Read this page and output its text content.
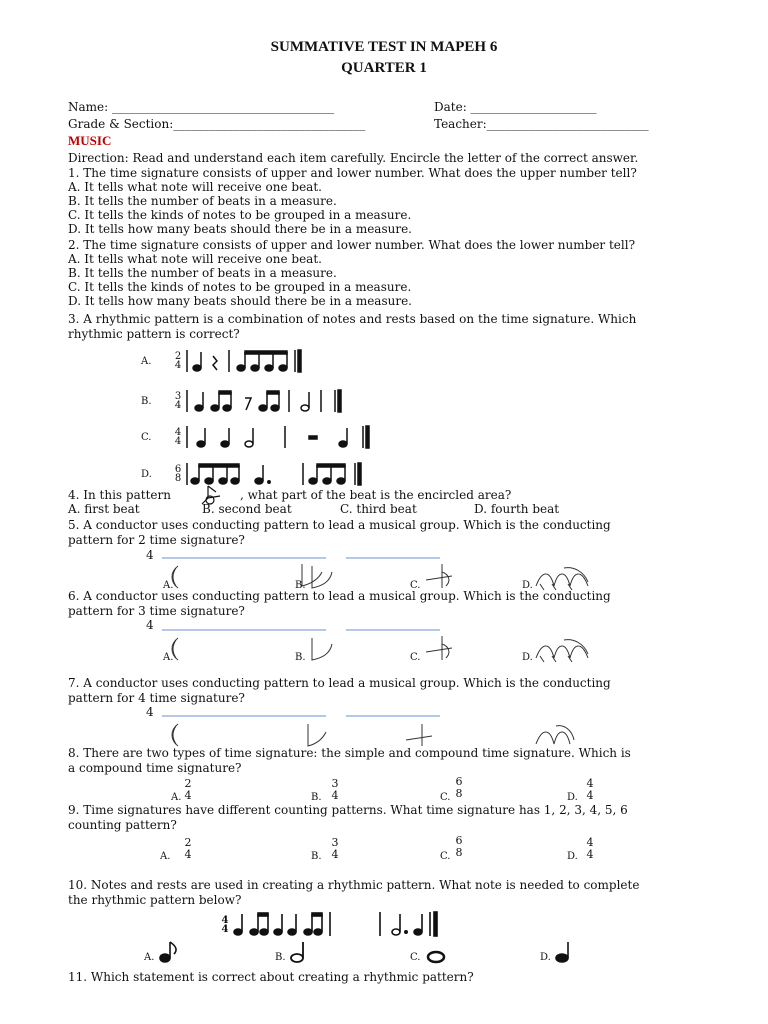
SUMMATIVE TEST IN MAPEH 6
QUARTER 1
Name: _____________________________________	Date: _____________________
Grade & Section:________________________________	Teacher:___________________________
MUSIC
Direction: Read and understand each item carefully. Encircle the letter of the correct answer.
1. The time signature consists of upper and lower number. What does the upper number tell?
A. It tells what note will receive one beat.
B. It tells the number of beats in a measure.
C. It tells the kinds of notes to be grouped in a measure.
D. It tells how many beats should there be in a measure.
2. The time signature consists of upper and lower number. What does the lower number tell?
A. It tells what note will receive one beat.
B. It tells the number of beats in a measure.
C. It tells the kinds of notes to be grouped in a measure.
D. It tells how many beats should there be in a measure.
3. A rhythmic pattern is a combination of notes and rests based on the time signature. Which
rhythmic pattern is correct?
A. 2
4
B. 3
4
C. 4
4
D. 6
8
4. In this pattern	, what part of the beat is the encircled area?
A. first beat	B. second beat	C. third beat	D. fourth beat
5. A conductor uses conducting pattern to lead a musical group. Which is the conducting
pattern for 2 time signature?
4
A.	B.	C.	D.
6. A conductor uses conducting pattern to lead a musical group. Which is the conducting
pattern for 3 time signature?
4
A.	B.	C.	D.
7. A conductor uses conducting pattern to lead a musical group. Which is the conducting
pattern for 4 time signature?
4
8. There are two types of time signature: the simple and compound time signature. Which is
a compound time signature?
A.
2
4	B.
3
4	C.
6
8	D.
4
4
9. Time signatures have different counting patterns. What time signature has 1, 2, 3, 4, 5, 6
counting pattern?
A.
2
4	B.
3
4	C.
6
8	D.
4
4
10. Notes and rests are used in creating a rhythmic pattern. What note is needed to complete
the rhythmic pattern below?
4
4
A.	B.	C.	D.
11. Which statement is correct about creating a rhythmic pattern?
